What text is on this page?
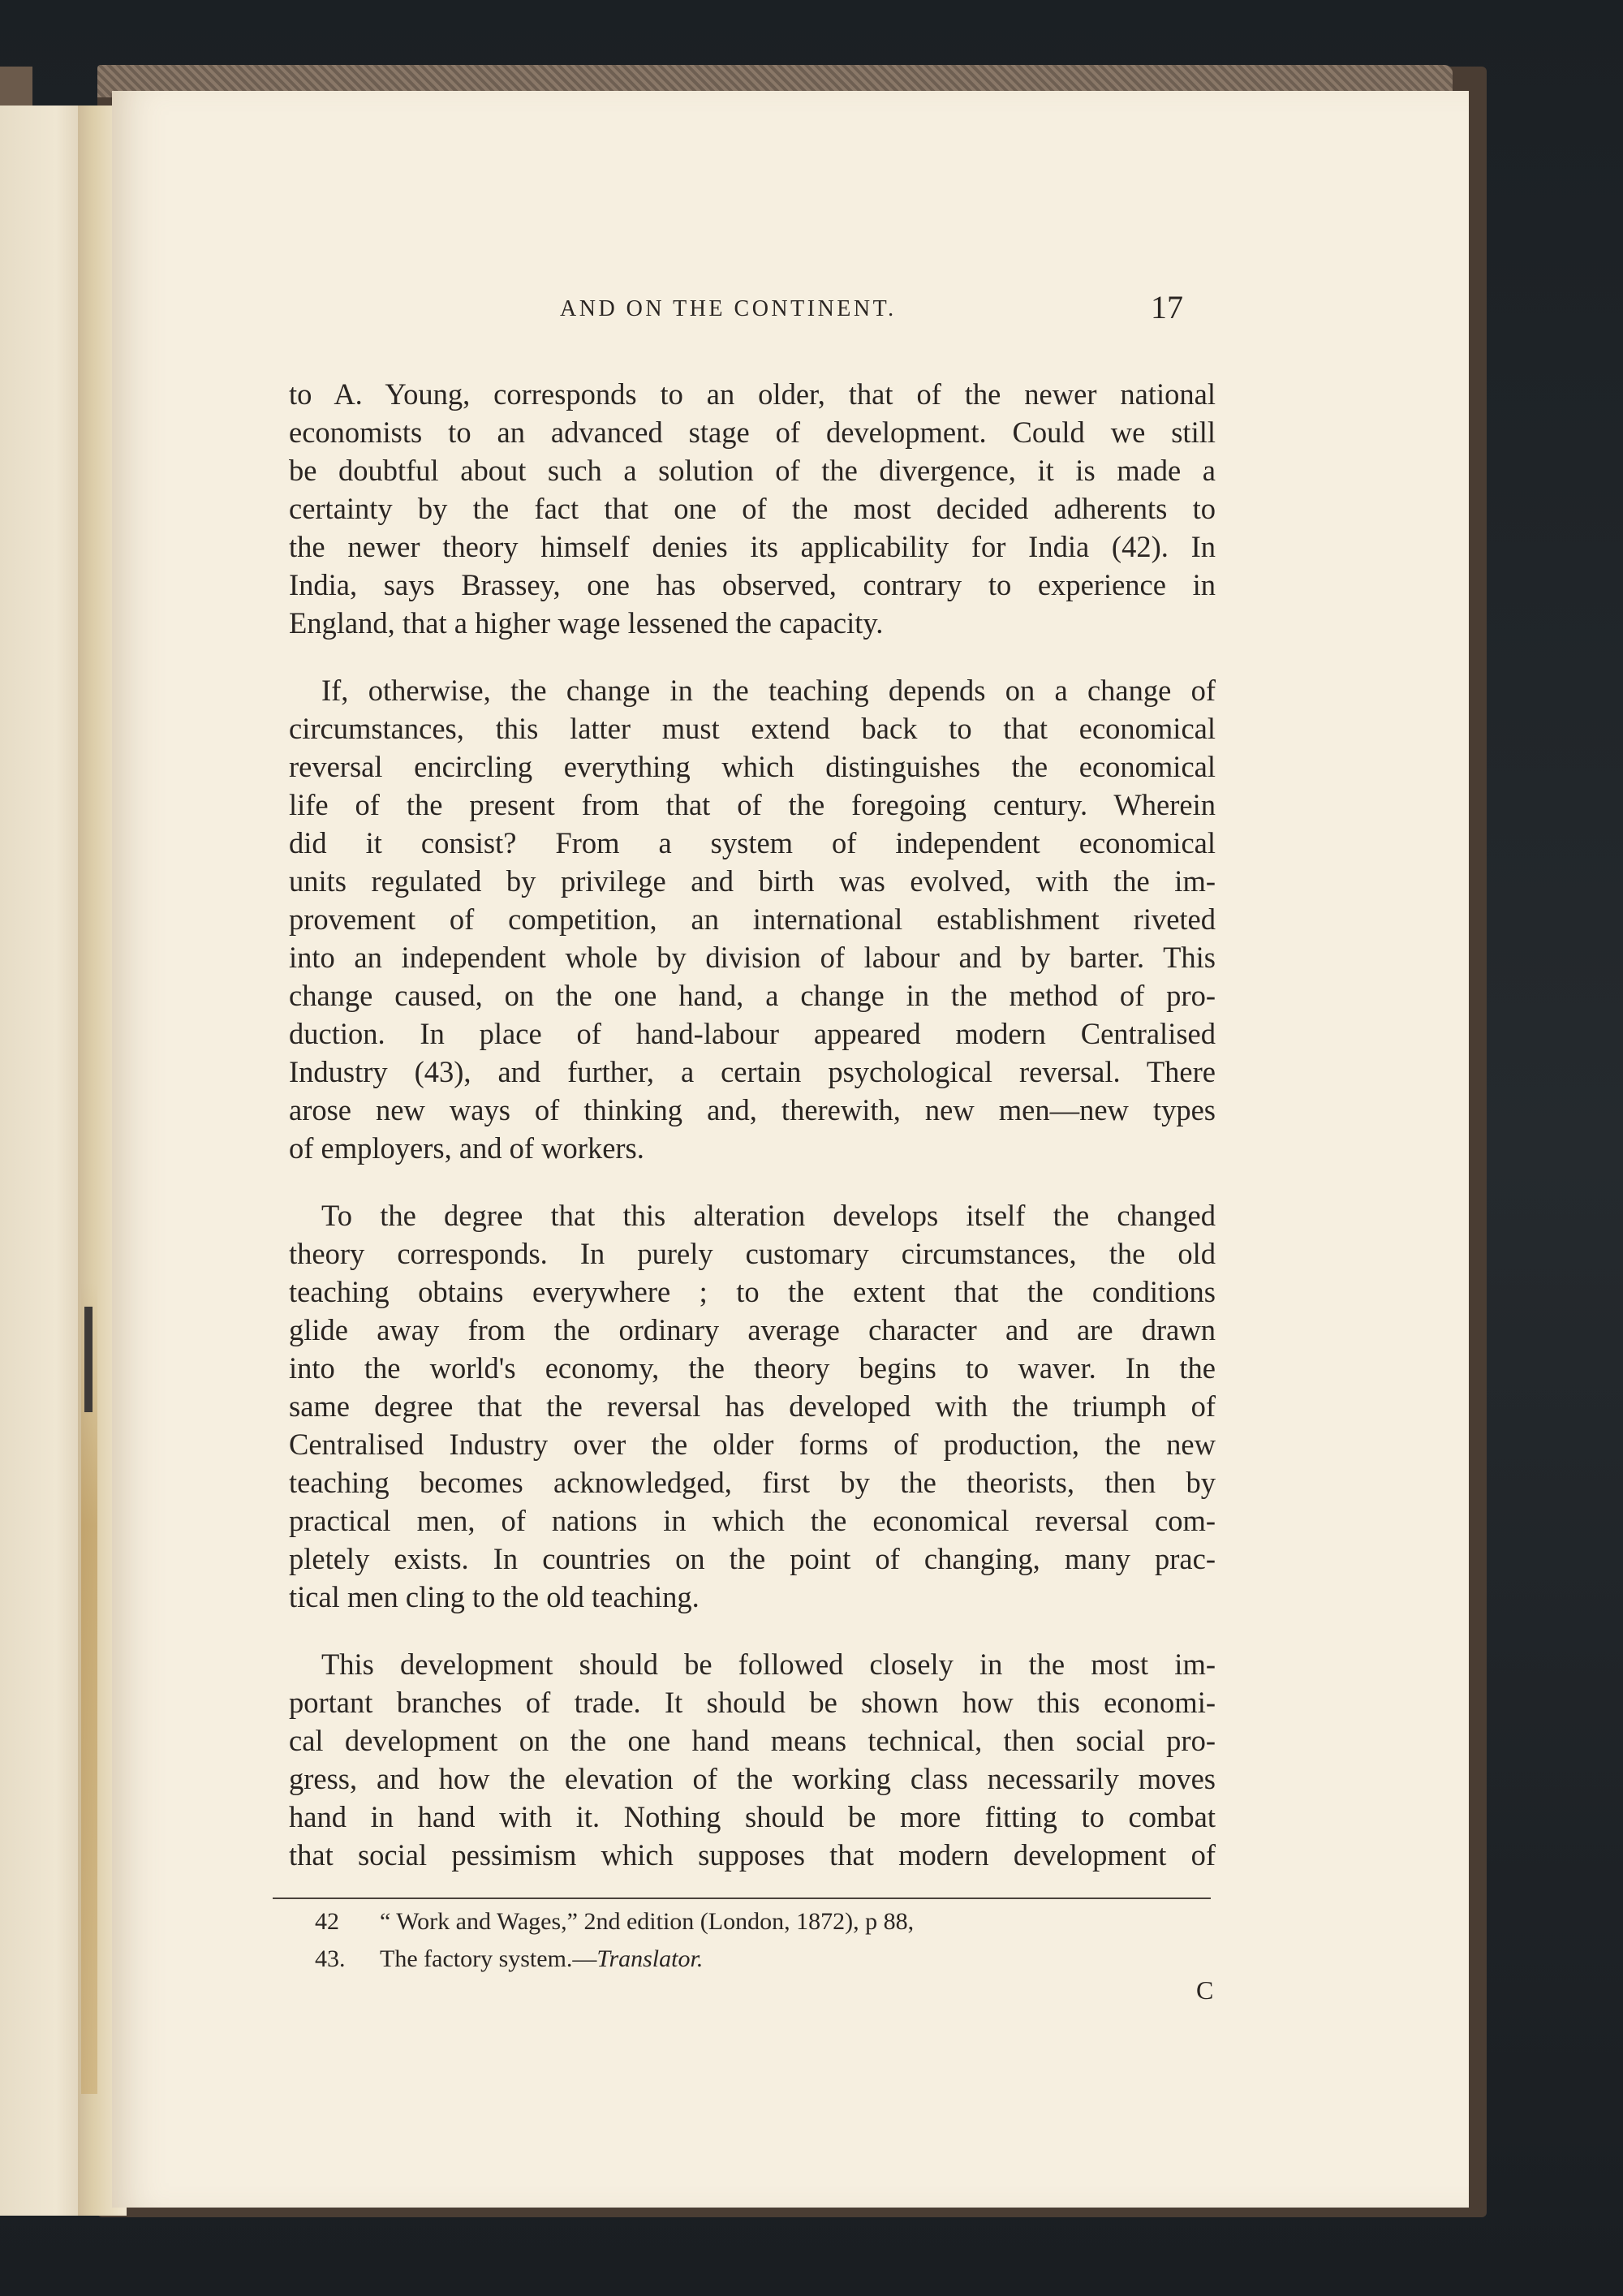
AND ON THE CONTINENT.	17

to A. Young, corresponds to an older, that of the newer national
economists to an advanced stage of development. Could we still
be doubtful about such a solution of the divergence, it is made a
certainty by the fact that one of the most decided adherents to
the newer theory himself denies its applicability for India (42). In
India, says Brassey, one has observed, contrary to experience in
England, that a higher wage lessened the capacity.

If, otherwise, the change in the teaching depends on a change of
circumstances, this latter must extend back to that economical
reversal encircling everything which distinguishes the economical
life of the present from that of the foregoing century. Wherein
did it consist? From a system of independent economical
units regulated by privilege and birth was evolved, with the im-
provement of competition, an international establishment riveted
into an independent whole by division of labour and by barter. This
change caused, on the one hand, a change in the method of pro-
duction. In place of hand-labour appeared modern Centralised
Industry (43), and further, a certain psychological reversal. There
arose new ways of thinking and, therewith, new men—new types
of employers, and of workers.

To the degree that this alteration develops itself the changed
theory corresponds. In purely customary circumstances, the old
teaching obtains everywhere ; to the extent that the conditions
glide away from the ordinary average character and are drawn
into the world's economy, the theory begins to waver. In the
same degree that the reversal has developed with the triumph of
Centralised Industry over the older forms of production, the new
teaching becomes acknowledged, first by the theorists, then by
practical men, of nations in which the economical reversal com-
pletely exists. In countries on the point of changing, many prac-
tical men cling to the old teaching.

This development should be followed closely in the most im-
portant branches of trade. It should be shown how this economi-
cal development on the one hand means technical, then social pro-
gress, and how the elevation of the working class necessarily moves
hand in hand with it. Nothing should be more fitting to combat
that social pessimism which supposes that modern development of

42 “ Work and Wages,” 2nd edition (London, 1872), p 88,
43. The factory system.—Translator.
C
